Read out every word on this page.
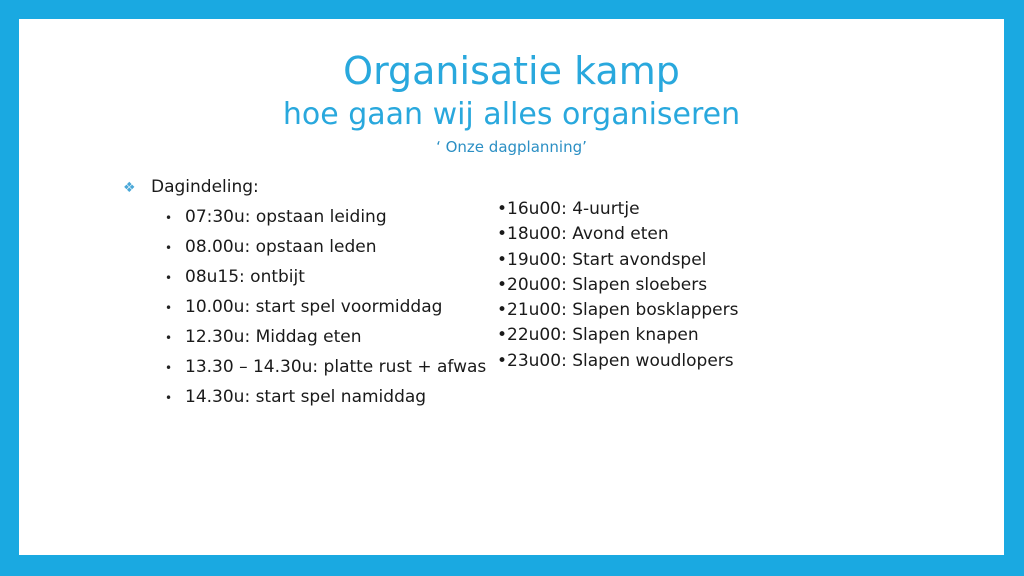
Organisatie kamp
hoe gaan wij alles organiseren
‘ Onze dagplanning’
❖ Dagindeling:
• 07:30u: opstaan leiding
• 08.00u: opstaan leden
• 08u15: ontbijt
• 10.00u: start spel voormiddag
• 12.30u: Middag eten
• 13.30 – 14.30u: platte rust + afwas
• 14.30u: start spel namiddag
•16u00: 4-uurtje
•18u00: Avond eten
•19u00: Start avondspel
•20u00: Slapen sloebers
•21u00: Slapen bosklappers
•22u00: Slapen knapen
•23u00: Slapen woudlopers
